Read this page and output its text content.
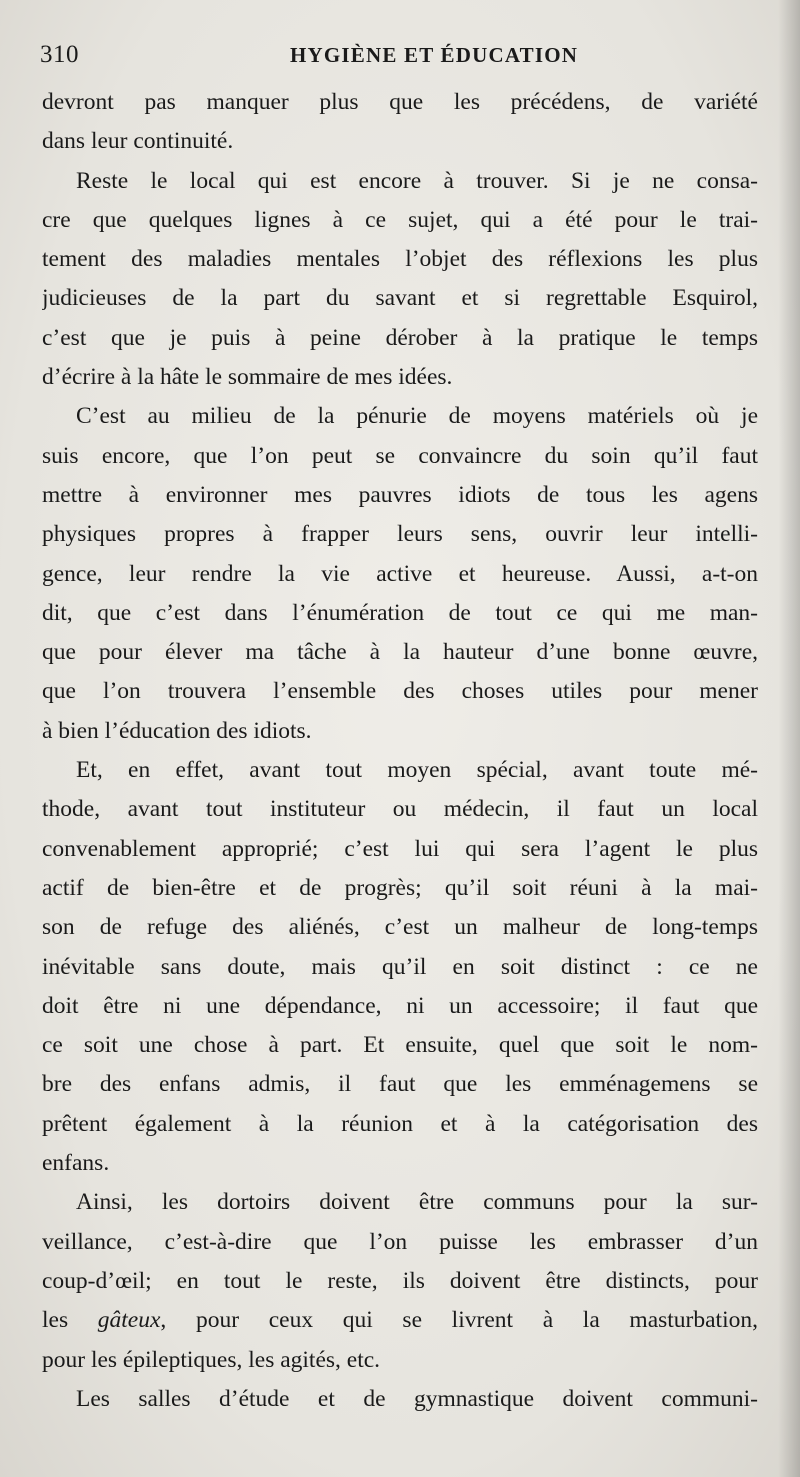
310	HYGIÈNE ET ÉDUCATION
devront pas manquer plus que les précédens, de variété
dans leur continuité.
Reste le local qui est encore à trouver. Si je ne consa-
cre que quelques lignes à ce sujet, qui a été pour le trai-
tement des maladies mentales l’objet des réflexions les plus
judicieuses de la part du savant et si regrettable Esquirol,
c’est que je puis à peine dérober à la pratique le temps
d’écrire à la hâte le sommaire de mes idées.
C’est au milieu de la pénurie de moyens matériels où je
suis encore, que l’on peut se convaincre du soin qu’il faut
mettre à environner mes pauvres idiots de tous les agens
physiques propres à frapper leurs sens, ouvrir leur intelli-
gence, leur rendre la vie active et heureuse. Aussi, a-t-on
dit, que c’est dans l’énumération de tout ce qui me man-
que pour élever ma tâche à la hauteur d’une bonne œuvre,
que l’on trouvera l’ensemble des choses utiles pour mener
à bien l’éducation des idiots.
Et, en effet, avant tout moyen spécial, avant toute mé-
thode, avant tout instituteur ou médecin, il faut un local
convenablement approprié; c’est lui qui sera l’agent le plus
actif de bien-être et de progrès; qu’il soit réuni à la mai-
son de refuge des aliénés, c’est un malheur de long-temps
inévitable sans doute, mais qu’il en soit distinct : ce ne
doit être ni une dépendance, ni un accessoire; il faut que
ce soit une chose à part. Et ensuite, quel que soit le nom-
bre des enfans admis, il faut que les emménagemens se
prêtent également à la réunion et à la catégorisation des
enfans.
Ainsi, les dortoirs doivent être communs pour la sur-
veillance, c’est-à-dire que l’on puisse les embrasser d’un
coup-d’œil; en tout le reste, ils doivent être distincts, pour
les gâteux, pour ceux qui se livrent à la masturbation,
pour les épileptiques, les agités, etc.
Les salles d’étude et de gymnastique doivent communi-
